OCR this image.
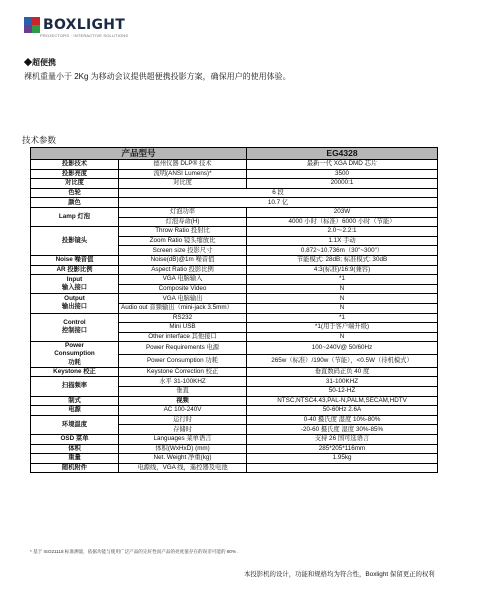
BOXLIGHT
PROJECTORS · INTERACTIVE SOLUTIONS
◆超便携
裸机重量小于 2Kg 为移动会议提供超便携投影方案，确保用户的使用体验。
技术参数
产品型号		EG4328
投影技术	德州仪器 DLP® 技术	最新一代 XGA DMD 芯片
投影亮度	流明(ANSI Lumens)*	3500
对比度	对比度	20000:1
色轮	6 段	
颜色	10.7 亿	
Lamp 灯泡	灯泡功率	203W
	灯泡寿命(H)	4000 小时（标准）6000 小时（节能）
投影镜头	Throw Ratio 投射比	2.0～2.2:1
	Zoom Ratio 镜头缩放比	1.1X 手动
	Screen size 投影尺寸	0.872~10.736m（30"~300"）
Noise 噪音值	Noise(dB)@1m 噪音值	节能模式: 28dB; 标准模式: 30dB
AR 投影比例	Aspect Ratio 投影比例	4:3(标准)/16:9(兼容)
Input
输入接口	VGA 电脑输入	*1
	Composite Video	N
Output
输出接口	VGA 电脑输出	N
	Audio out 音频输出（mini-jack 3.5mm）	N
Control
控制接口	RS232	*1
	Mini USB	*1(用于客户端升级)
	Other interface 其他接口	N
Power
Consumption
功耗	Power Requirements 电源	100~240V@ 50/60Hz
	Power Consumption 功耗	265w（标准）/190w（节能），<0.5W（待机模式）
Keystone 校正	Keystone Correction 校正	垂直数码正负 40 度
扫描频率	水平 31-100KHZ	31-100KHZ
	垂直	50-12-HZ
制式	视频	NTSC,NTSC4.43,PAL-N,PALM,SECAM,HDTV
电源	AC 100-240V	50-60Hz 2.6A
环境温度	运行时	0-40 摄氏度 湿度 10%-80%
	存储时	-20-60 摄氏度 湿度 30%-85%
OSD 菜单	Languages 菜单语言	支持 26 国可选语言
体积	体积(WxHxD) (mm)	285*205*116mm
重量	Net. Weight 净重(kg)	1.95kg
随机附件	电源线，VGA 线，遥控器及电池	
* 基于 ISO21118 标准测量，依据功能与使用广泛产品的完好性而产品的亮度值存在的误差可能的 80% .
本投影机的设计，功能和规格均为符合性，Boxlight 保留更正的权利
